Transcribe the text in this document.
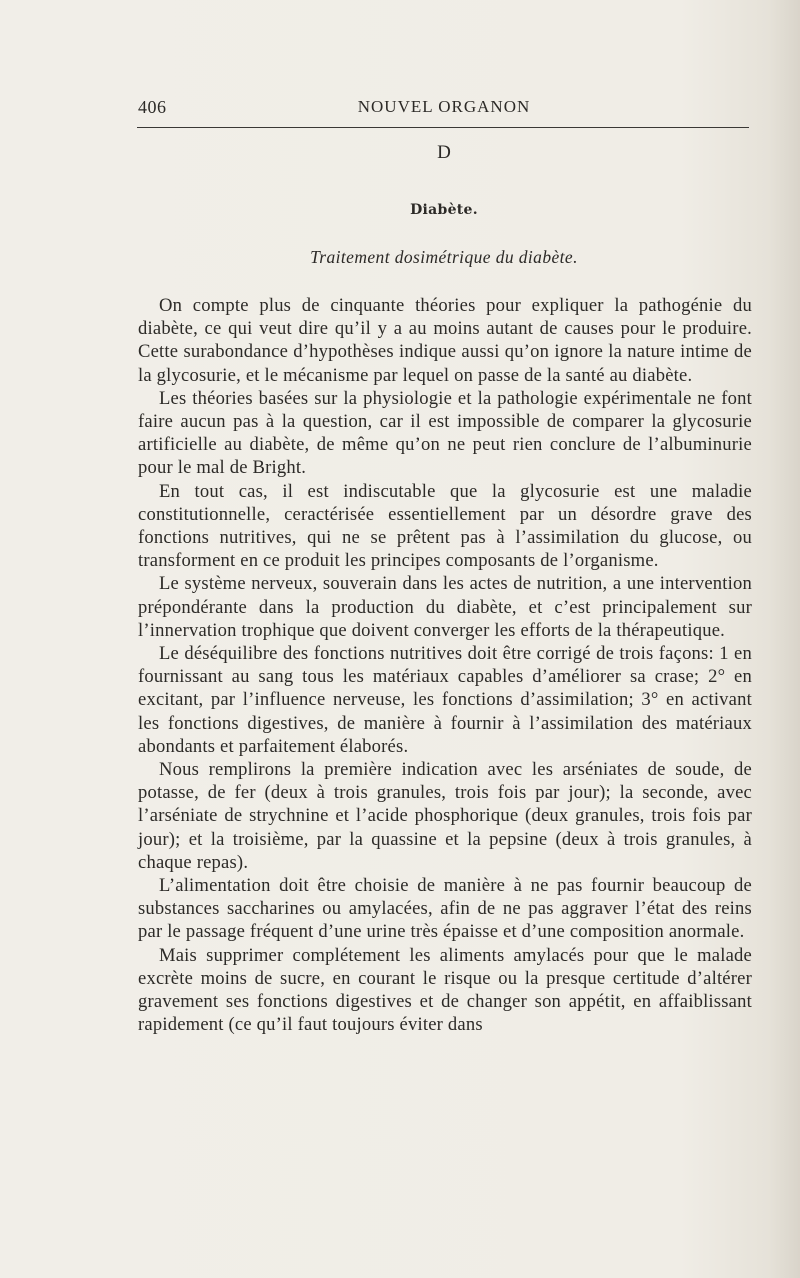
406	NOUVEL ORGANON
D
Diabète.
Traitement dosimétrique du diabète.

On compte plus de cinquante théories pour expliquer la pathogénie du diabète, ce qui veut dire qu’il y a au moins autant de causes pour le produire. Cette surabondance d’hypothèses indique aussi qu’on ignore la nature intime de la glycosurie, et le mécanisme par lequel on passe de la santé au diabète.

Les théories basées sur la physiologie et la pathologie expérimentale ne font faire aucun pas à la question, car il est impossible de comparer la glycosurie artificielle au diabète, de même qu’on ne peut rien conclure de l’albuminurie pour le mal de Bright.

En tout cas, il est indiscutable que la glycosurie est une maladie constitutionnelle, ceractérisée essentiellement par un désordre grave des fonctions nutritives, qui ne se prêtent pas à l’assimilation du glucose, ou transforment en ce produit les principes composants de l’organisme.

Le système nerveux, souverain dans les actes de nutrition, a une intervention prépondérante dans la production du diabète, et c’est principalement sur l’innervation trophique que doivent converger les efforts de la thérapeutique.

Le déséquilibre des fonctions nutritives doit être corrigé de trois façons: 1 en fournissant au sang tous les matériaux capables d’améliorer sa crase; 2° en excitant, par l’influence nerveuse, les fonctions d’assimilation; 3° en activant les fonctions digestives, de manière à fournir à l’assimilation des matériaux abondants et parfaitement élaborés.

Nous remplirons la première indication avec les arséniates de soude, de potasse, de fer (deux à trois granules, trois fois par jour); la seconde, avec l’arséniate de strychnine et l’acide phosphorique (deux granules, trois fois par jour); et la troisième, par la quassine et la pepsine (deux à trois granules, à chaque repas).

L’alimentation doit être choisie de manière à ne pas fournir beaucoup de substances saccharines ou amylacées, afin de ne pas aggraver l’état des reins par le passage fréquent d’une urine très épaisse et d’une composition anormale.

Mais supprimer complétement les aliments amylacés pour que le malade excrète moins de sucre, en courant le risque ou la presque certitude d’altérer gravement ses fonctions digestives et de changer son appétit, en affaiblissant rapidement (ce qu’il faut toujours éviter dans
